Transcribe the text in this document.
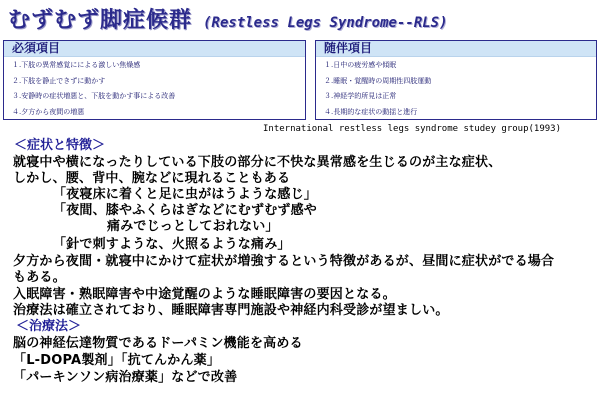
むずむず脚症候群 (Restless Legs Syndrome--RLS)
必須項目
１.下肢の異常感覚にによる激しい焦燥感
２.下肢を静止できずに動かす
３.安静時の症状増悪と、下肢を動かす事による改善
４.夕方から夜間の増悪
随伴項目
１.日中の疲労感や傾眠
２.睡眠・覚醒時の周期性四肢運動
３.神経学的所見は正常
４.長期的な症状の動揺と進行
International restless legs syndrome studey group(1993)
＜症状と特徴＞
就寝中や横になったりしている下肢の部分に不快な異常感を生じるのが主な症状、
しかし、腰、背中、腕などに現れることもある
「夜寝床に着くと足に虫がはうような感じ」
「夜間、膝やふくらはぎなどにむずむず感や
痛みでじっとしておれない」
「針で刺すような、火照るような痛み」
夕方から夜間・就寝中にかけて症状が増強するという特徴があるが、昼間に症状がでる場合
もある。
入眠障害・熟眠障害や中途覚醒のような睡眠障害の要因となる。
治療法は確立されており、睡眠障害専門施設や神経内科受診が望ましい。
＜治療法＞
脳の神経伝達物質であるドーパミン機能を高める
「L-DOPA製剤」「抗てんかん薬」
「パーキンソン病治療薬」などで改善
